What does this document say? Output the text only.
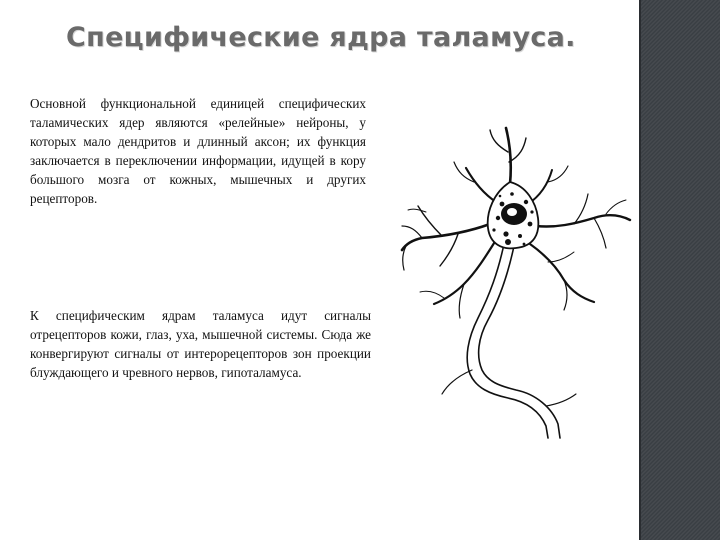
Специфические ядра таламуса.
Основной функциональной единицей специфических таламических ядер являются «релейные» нейроны, у которых мало дендритов и длинный аксон; их функция заключается в переключении информации, идущей в кору большого мозга от кожных, мышечных и других рецепторов.
К специфическим ядрам таламуса идут сигналы отрецепторов кожи, глаз, уха, мышечной системы. Сюда же конвергируют сигналы от интерорецепторов зон проекции блуждающего и чревного нервов, гипоталамуса.
